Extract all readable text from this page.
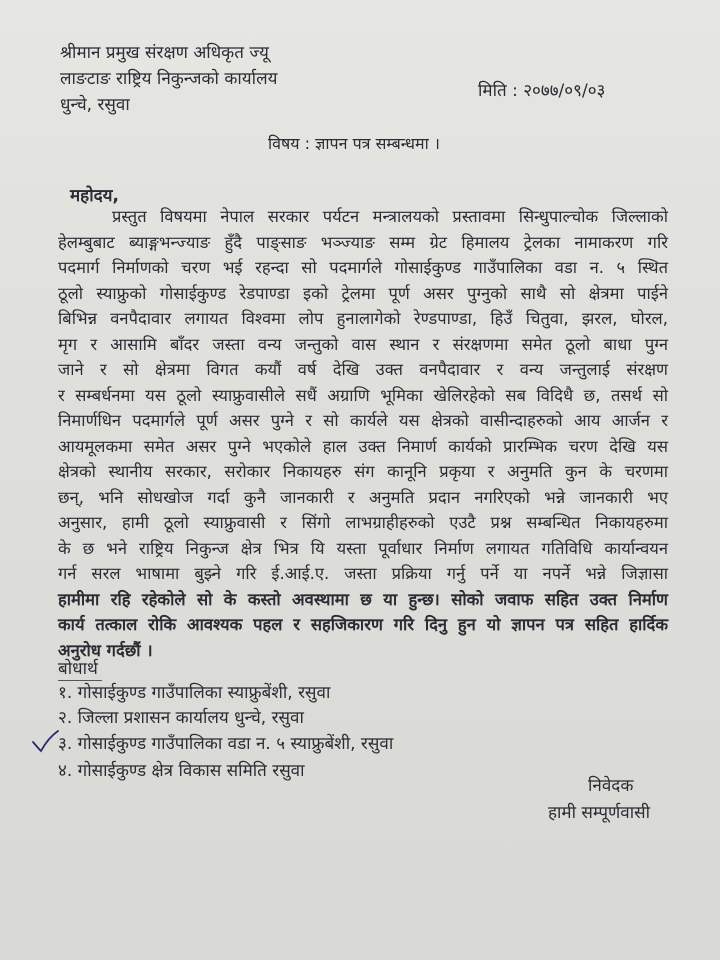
श्रीमान प्रमुख संरक्षण अधिकृत ज्यू
लाङटाङ राष्ट्रिय निकुन्जको कार्यालय
धुन्चे, रसुवा
मिति : २०७७/०९/०३
विषय : ज्ञापन पत्र सम्बन्धमा ।
महोदय,
प्रस्तुत विषयमा नेपाल सरकार पर्यटन मन्त्रालयको प्रस्तावमा सिन्धुपाल्चोक जिल्लाको
हेलम्बुबाट ब्याङ्गभन्ज्याङ हुँदै पाङ्साङ भञ्ज्याङ सम्म ग्रेट हिमालय ट्रेलका नामाकरण गरि
पदमार्ग निर्माणको चरण भई रहन्दा सो पदमार्गले गोसाईकुण्ड गाउँपालिका वडा न. ५ स्थित
ठूलो स्याफ्रुको गोसाईकुण्ड रेडपाण्डा इको ट्रेलमा पूर्ण असर पुग्नुको साथै सो क्षेत्रमा पाईने
बिभिन्न वनपैदावार लगायत विश्वमा लोप हुनालागेको रेण्डपाण्डा, हिउँ चितुवा, झरल, घोरल,
मृग र आसामि बाँदर जस्ता वन्य जन्तुको वास स्थान र संरक्षणमा समेत ठूलो बाधा पुग्न
जाने र सो क्षेत्रमा विगत कयौं वर्ष देखि उक्त वनपैदावार र वन्य जन्तुलाई संरक्षण
र सम्बर्धनमा यस ठूलो स्याफ्रुवासीले सधैं अग्राणि भूमिका खेलिरहेको सब विदिधै छ, तसर्थ सो
निमार्णधिन पदमार्गले पूर्ण असर पुग्ने र सो कार्यले यस क्षेत्रको वासीन्दाहरुको आय आर्जन र
आयमूलकमा समेत असर पुग्ने भएकोले हाल उक्त निमार्ण कार्यको प्रारम्भिक चरण देखि यस
क्षेत्रको स्थानीय सरकार, सरोकार निकायहरु संग कानूनि प्रकृया र अनुमति कुन के चरणमा
छन्, भनि सोधखोज गर्दा कुनै जानकारी र अनुमति प्रदान नगरिएको भन्ने जानकारी भए
अनुसार, हामी ठूलो स्याफ्रुवासी र सिंगो लाभग्राहीहरुको एउटै प्रश्न सम्बन्धित निकायहरुमा
के छ भने राष्ट्रिय निकुन्ज क्षेत्र भित्र यि यस्ता पूर्वाधार निर्माण लगायत गतिविधि कार्यान्वयन
गर्न सरल भाषामा बुझ्ने गरि ई.आई.ए. जस्ता प्रक्रिया गर्नु पर्ने या नपर्ने भन्ने जिज्ञासा
हामीमा रहि रहेकोले सो के कस्तो अवस्थामा छ या हुन्छ। सोको जवाफ सहित उक्त निर्माण
कार्य तत्काल रोकि आवश्यक पहल र सहजिकारण गरि दिनु हुन यो ज्ञापन पत्र सहित हार्दिक
अनुरोध गर्दछौं ।
बोधार्थ
१. गोसाईकुण्ड गाउँपालिका स्याफ्रुबेंशी, रसुवा
२. जिल्ला प्रशासन कार्यालय धुन्चे, रसुवा
३. गोसाईकुण्ड गाउँपालिका वडा न. ५ स्याफ्रुबेंशी, रसुवा
४. गोसाईकुण्ड क्षेत्र विकास समिति रसुवा
निवेदक
हामी सम्पूर्णवासी
